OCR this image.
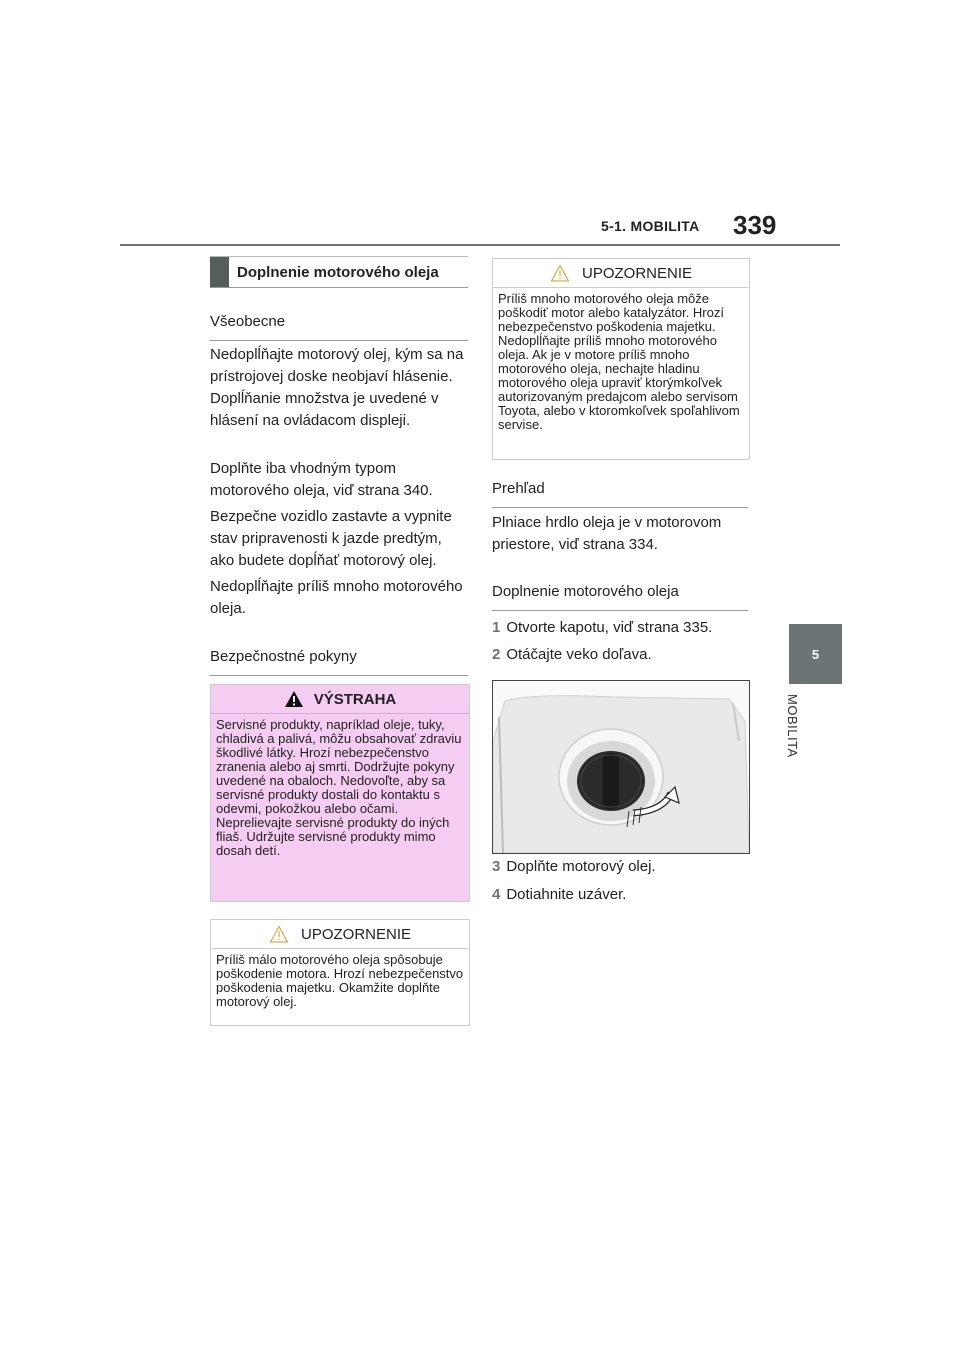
5-1. MOBILITA 339
5
MOBILITA
Doplnenie motorového oleja
Všeobecne
Nedoplĺňajte motorový olej, kým sa na prístrojovej doske neobjaví hlásenie. Doplĺňanie množstva je uvedené v hlásení na ovládacom displeji.
Doplňte iba vhodným typom motorového oleja, viď strana 340.
Bezpečne vozidlo zastavte a vypnite stav pripravenosti k jazde predtým, ako budete dopĺňať motorový olej.
Nedoplĺňajte príliš mnoho motorového oleja.
Bezpečnostné pokyny
VÝSTRAHA
Servisné produkty, napríklad oleje, tuky, chladivá a palivá, môžu obsahovať zdraviu škodlivé látky. Hrozí nebezpečenstvo zranenia alebo aj smrti. Dodržujte pokyny uvedené na obaloch. Nedovoľte, aby sa servisné produkty dostali do kontaktu s odevmi, pokožkou alebo očami. Neprelievajte servisné produkty do iných fliaš. Udržujte servisné produkty mimo dosah detí.
UPOZORNENIE
Príliš málo motorového oleja spôsobuje poškodenie motora. Hrozí nebezpečenstvo poškodenia majetku. Okamžite doplňte motorový olej.
UPOZORNENIE
Príliš mnoho motorového oleja môže poškodiť motor alebo katalyzátor. Hrozí nebezpečenstvo poškodenia majetku. Nedoplĺňajte príliš mnoho motorového oleja. Ak je v motore príliš mnoho motorového oleja, nechajte hladinu motorového oleja upraviť ktorýmkoľvek autorizovaným predajcom alebo servisom Toyota, alebo v ktoromkoľvek spoľahlivom servise.
Prehľad
Plniace hrdlo oleja je v motorovom priestore, viď strana 334.
Doplnenie motorového oleja
1 Otvorte kapotu, viď strana 335.
2 Otáčajte veko doľava.
3 Doplňte motorový olej.
4 Dotiahnite uzáver.
